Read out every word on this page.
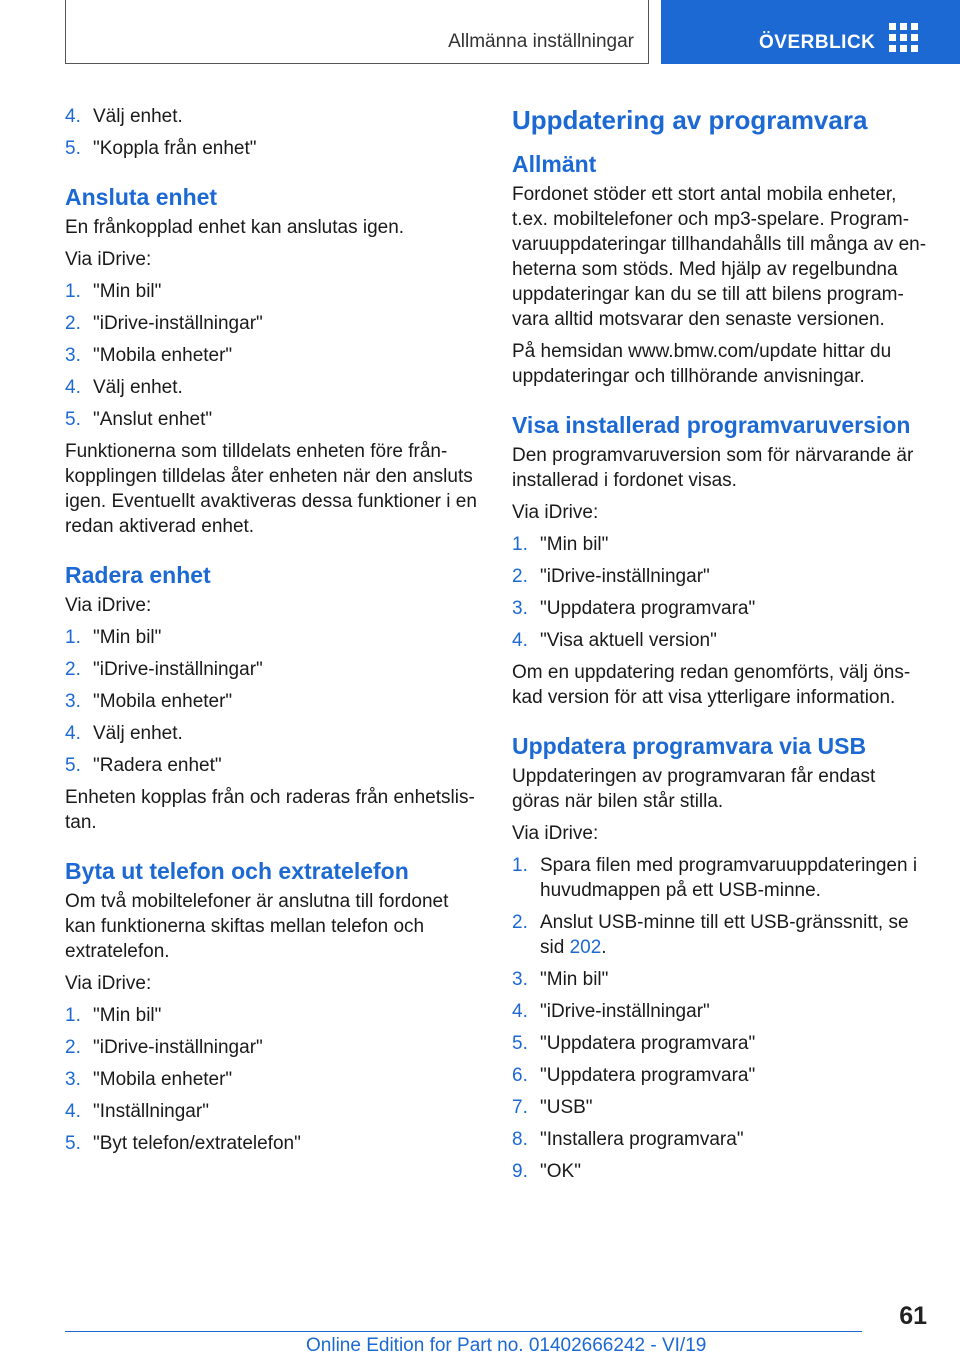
Allmänna inställningar	ÖVERBLICK
4. Välj enhet.
5. "Koppla från enhet"
Ansluta enhet

En frånkopplad enhet kan anslutas igen.

Via iDrive:

1. "Min bil"
2. "iDrive-inställningar"
3. "Mobila enheter"
4. Välj enhet.
5. "Anslut enhet"

Funktionerna som tilldelats enheten före frånkopplingen tilldelas åter enheten när den ansluts igen. Eventuellt avaktiveras dessa funktioner i en redan aktiverad enhet.

Radera enhet

Via iDrive:

1. "Min bil"
2. "iDrive-inställningar"
3. "Mobila enheter"
4. Välj enhet.
5. "Radera enhet"

Enheten kopplas från och raderas från enhetslistan.

Byta ut telefon och extratelefon

Om två mobiltelefoner är anslutna till fordonet kan funktionerna skiftas mellan telefon och extratelefon.

Via iDrive:

1. "Min bil"
2. "iDrive-inställningar"
3. "Mobila enheter"
4. "Inställningar"
5. "Byt telefon/extratelefon"
Uppdatering av programvara
Allmänt

Fordonet stöder ett stort antal mobila enheter, t.ex. mobiltelefoner och mp3-spelare. Programvaruuppdateringar tillhandahålls till många av enheterna som stöds. Med hjälp av regelbundna uppdateringar kan du se till att bilens programvara alltid motsvarar den senaste versionen.

På hemsidan www.bmw.com/update hittar du uppdateringar och tillhörande anvisningar.

Visa installerad programvaruversion

Den programvaruversion som för närvarande är installerad i fordonet visas.

Via iDrive:

1. "Min bil"
2. "iDrive-inställningar"
3. "Uppdatera programvara"
4. "Visa aktuell version"

Om en uppdatering redan genomförts, välj önskad version för att visa ytterligare information.

Uppdatera programvara via USB

Uppdateringen av programvaran får endast göras när bilen står stilla.

Via iDrive:

1. Spara filen med programvaruuppdateringen i huvudmappen på ett USB-minne.
2. Anslut USB-minne till ett USB-gränssnitt, se sid 202.
3. "Min bil"
4. "iDrive-inställningar"
5. "Uppdatera programvara"
6. "Uppdatera programvara"
7. "USB"
8. "Installera programvara"
9. "OK"
61
Online Edition for Part no. 01402666242 - VI/19
